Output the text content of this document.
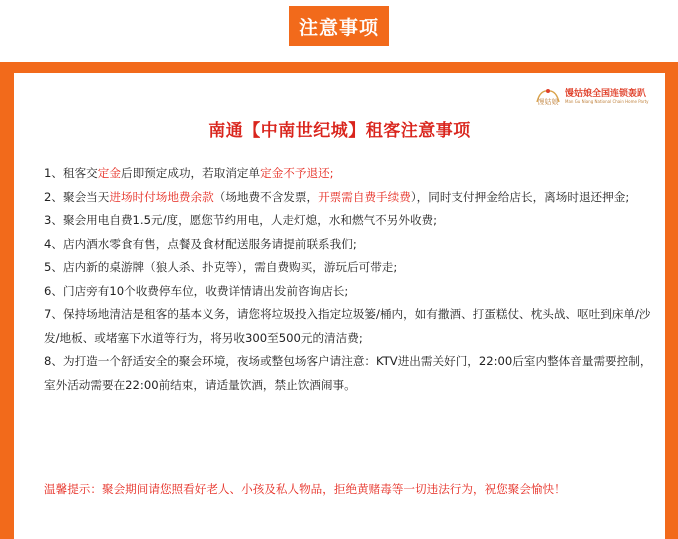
注意事项
馒姑娘
馒姑娘全国连锁轰趴
Man Gu Niang National Chain Home Party
南通【中南世纪城】租客注意事项
1、租客交定金后即预定成功，若取消定单定金不予退还;
2、聚会当天进场时付场地费余款（场地费不含发票，开票需自费手续费），同时支付押金给店长，离场时退还押金;
3、聚会用电自费1.5元/度，愿您节约用电，人走灯熄，水和燃气不另外收费;
4、店内酒水零食有售，点餐及食材配送服务请提前联系我们;
5、店内新的桌游牌（狼人杀、扑克等），需自费购买，游玩后可带走;
6、门店旁有10个收费停车位，收费详情请出发前咨询店长;
7、保持场地清洁是租客的基本义务，请您将垃圾投入指定垃圾篓/桶内，如有撒酒、打蛋糕仗、枕头战、呕吐到床单/沙发/地板、或堵塞下水道等行为，将另收300至500元的清洁费;
8、为打造一个舒适安全的聚会环境，夜场或整包场客户请注意：KTV进出需关好门，22:00后室内整体音量需要控制，室外活动需要在22:00前结束，请适量饮酒，禁止饮酒闹事。
温馨提示：聚会期间请您照看好老人、小孩及私人物品，拒绝黄赌毒等一切违法行为，祝您聚会愉快！
